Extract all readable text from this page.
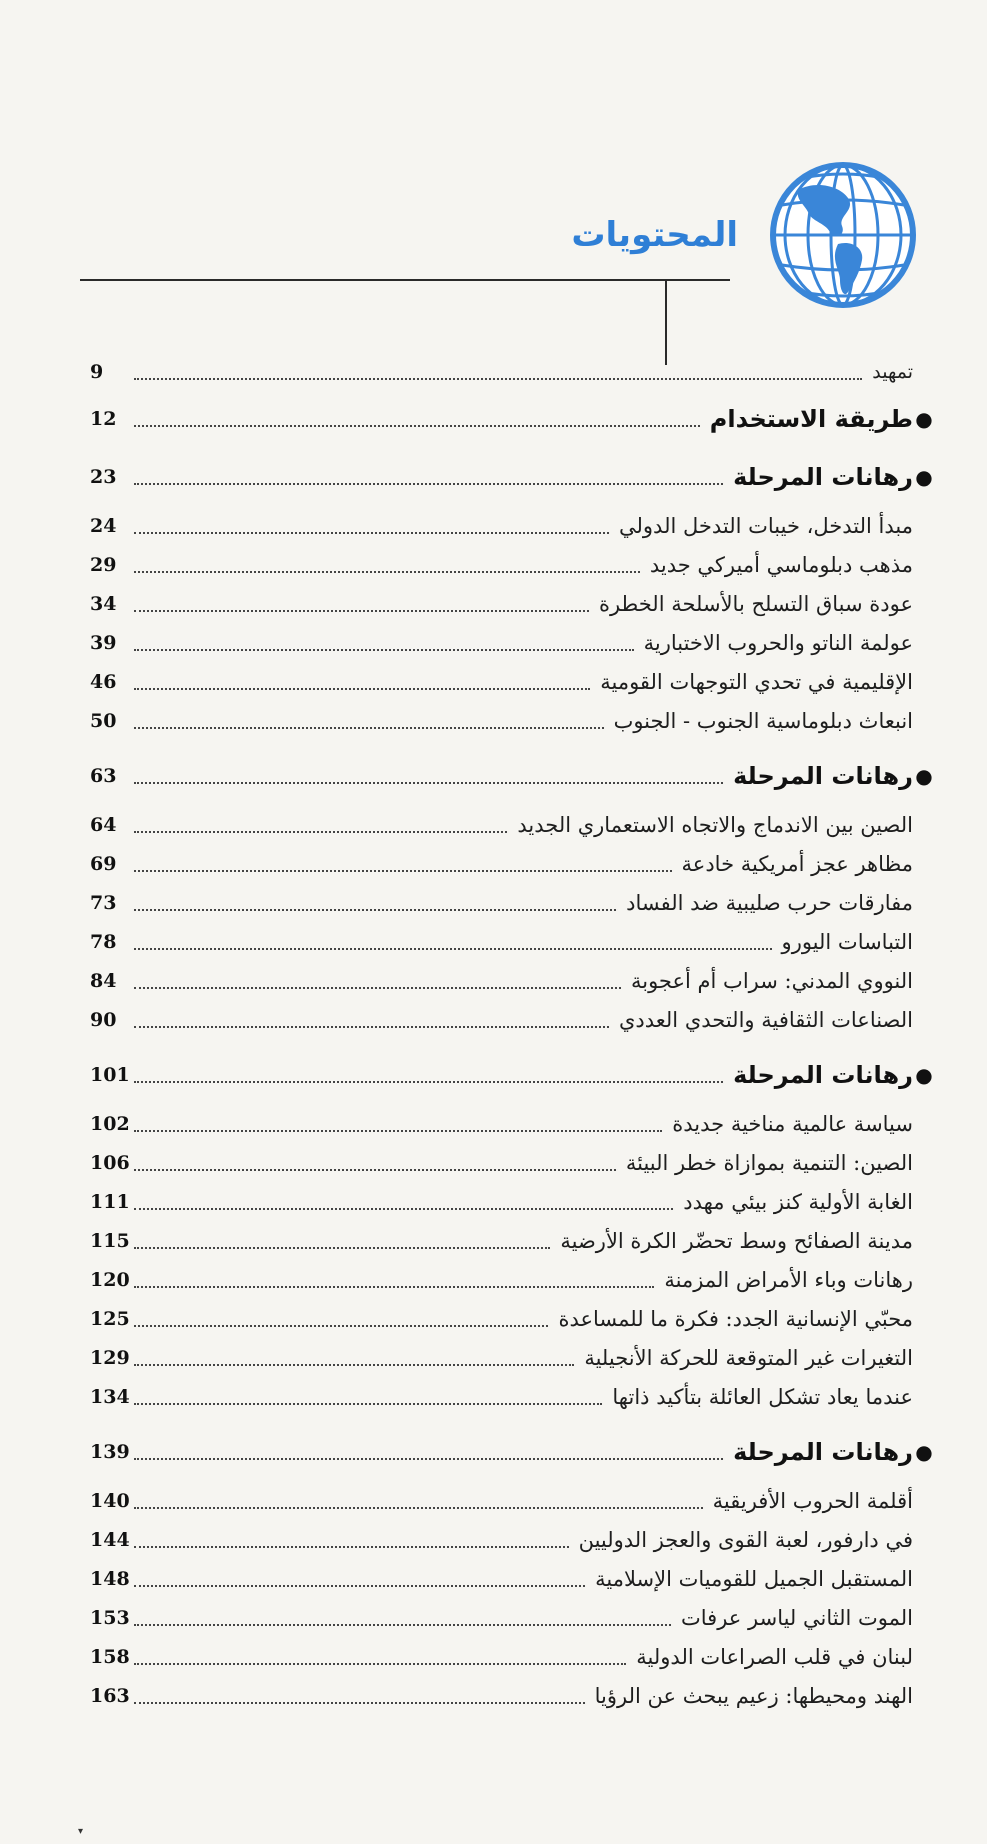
المحتويات
تمهيد
9
●
طريقة الاستخدام
12
●
رهانات المرحلة
23
مبدأ التدخل، خيبات التدخل الدولي
24
مذهب دبلوماسي أميركي جديد
29
عودة سباق التسلح بالأسلحة الخطرة
34
عولمة الناتو والحروب الاختبارية
39
الإقليمية في تحدي التوجهات القومية
46
انبعاث دبلوماسية الجنوب - الجنوب
50
●
رهانات المرحلة
63
الصين بين الاندماج والاتجاه الاستعماري الجديد
64
مظاهر عجز أمريكية خادعة
69
مفارقات حرب صليبية ضد الفساد
73
التباسات اليورو
78
النووي المدني: سراب أم أعجوبة
84
الصناعات الثقافية والتحدي العددي
90
●
رهانات المرحلة
101
سياسة عالمية مناخية جديدة
102
الصين: التنمية بموازاة خطر البيئة
106
الغابة الأولية كنز بيئي مهدد
111
مدينة الصفائح وسط تحضّر الكرة الأرضية
115
رهانات وباء الأمراض المزمنة
120
محبّي الإنسانية الجدد: فكرة ما للمساعدة
125
التغيرات غير المتوقعة للحركة الأنجيلية
129
عندما يعاد تشكل العائلة بتأكيد ذاتها
134
●
رهانات المرحلة
139
أقلمة الحروب الأفريقية
140
في دارفور، لعبة القوى والعجز الدوليين
144
المستقبل الجميل للقوميات الإسلامية
148
الموت الثاني لياسر عرفات
153
لبنان في قلب الصراعات الدولية
158
الهند ومحيطها: زعيم يبحث عن الرؤيا
163
▾
